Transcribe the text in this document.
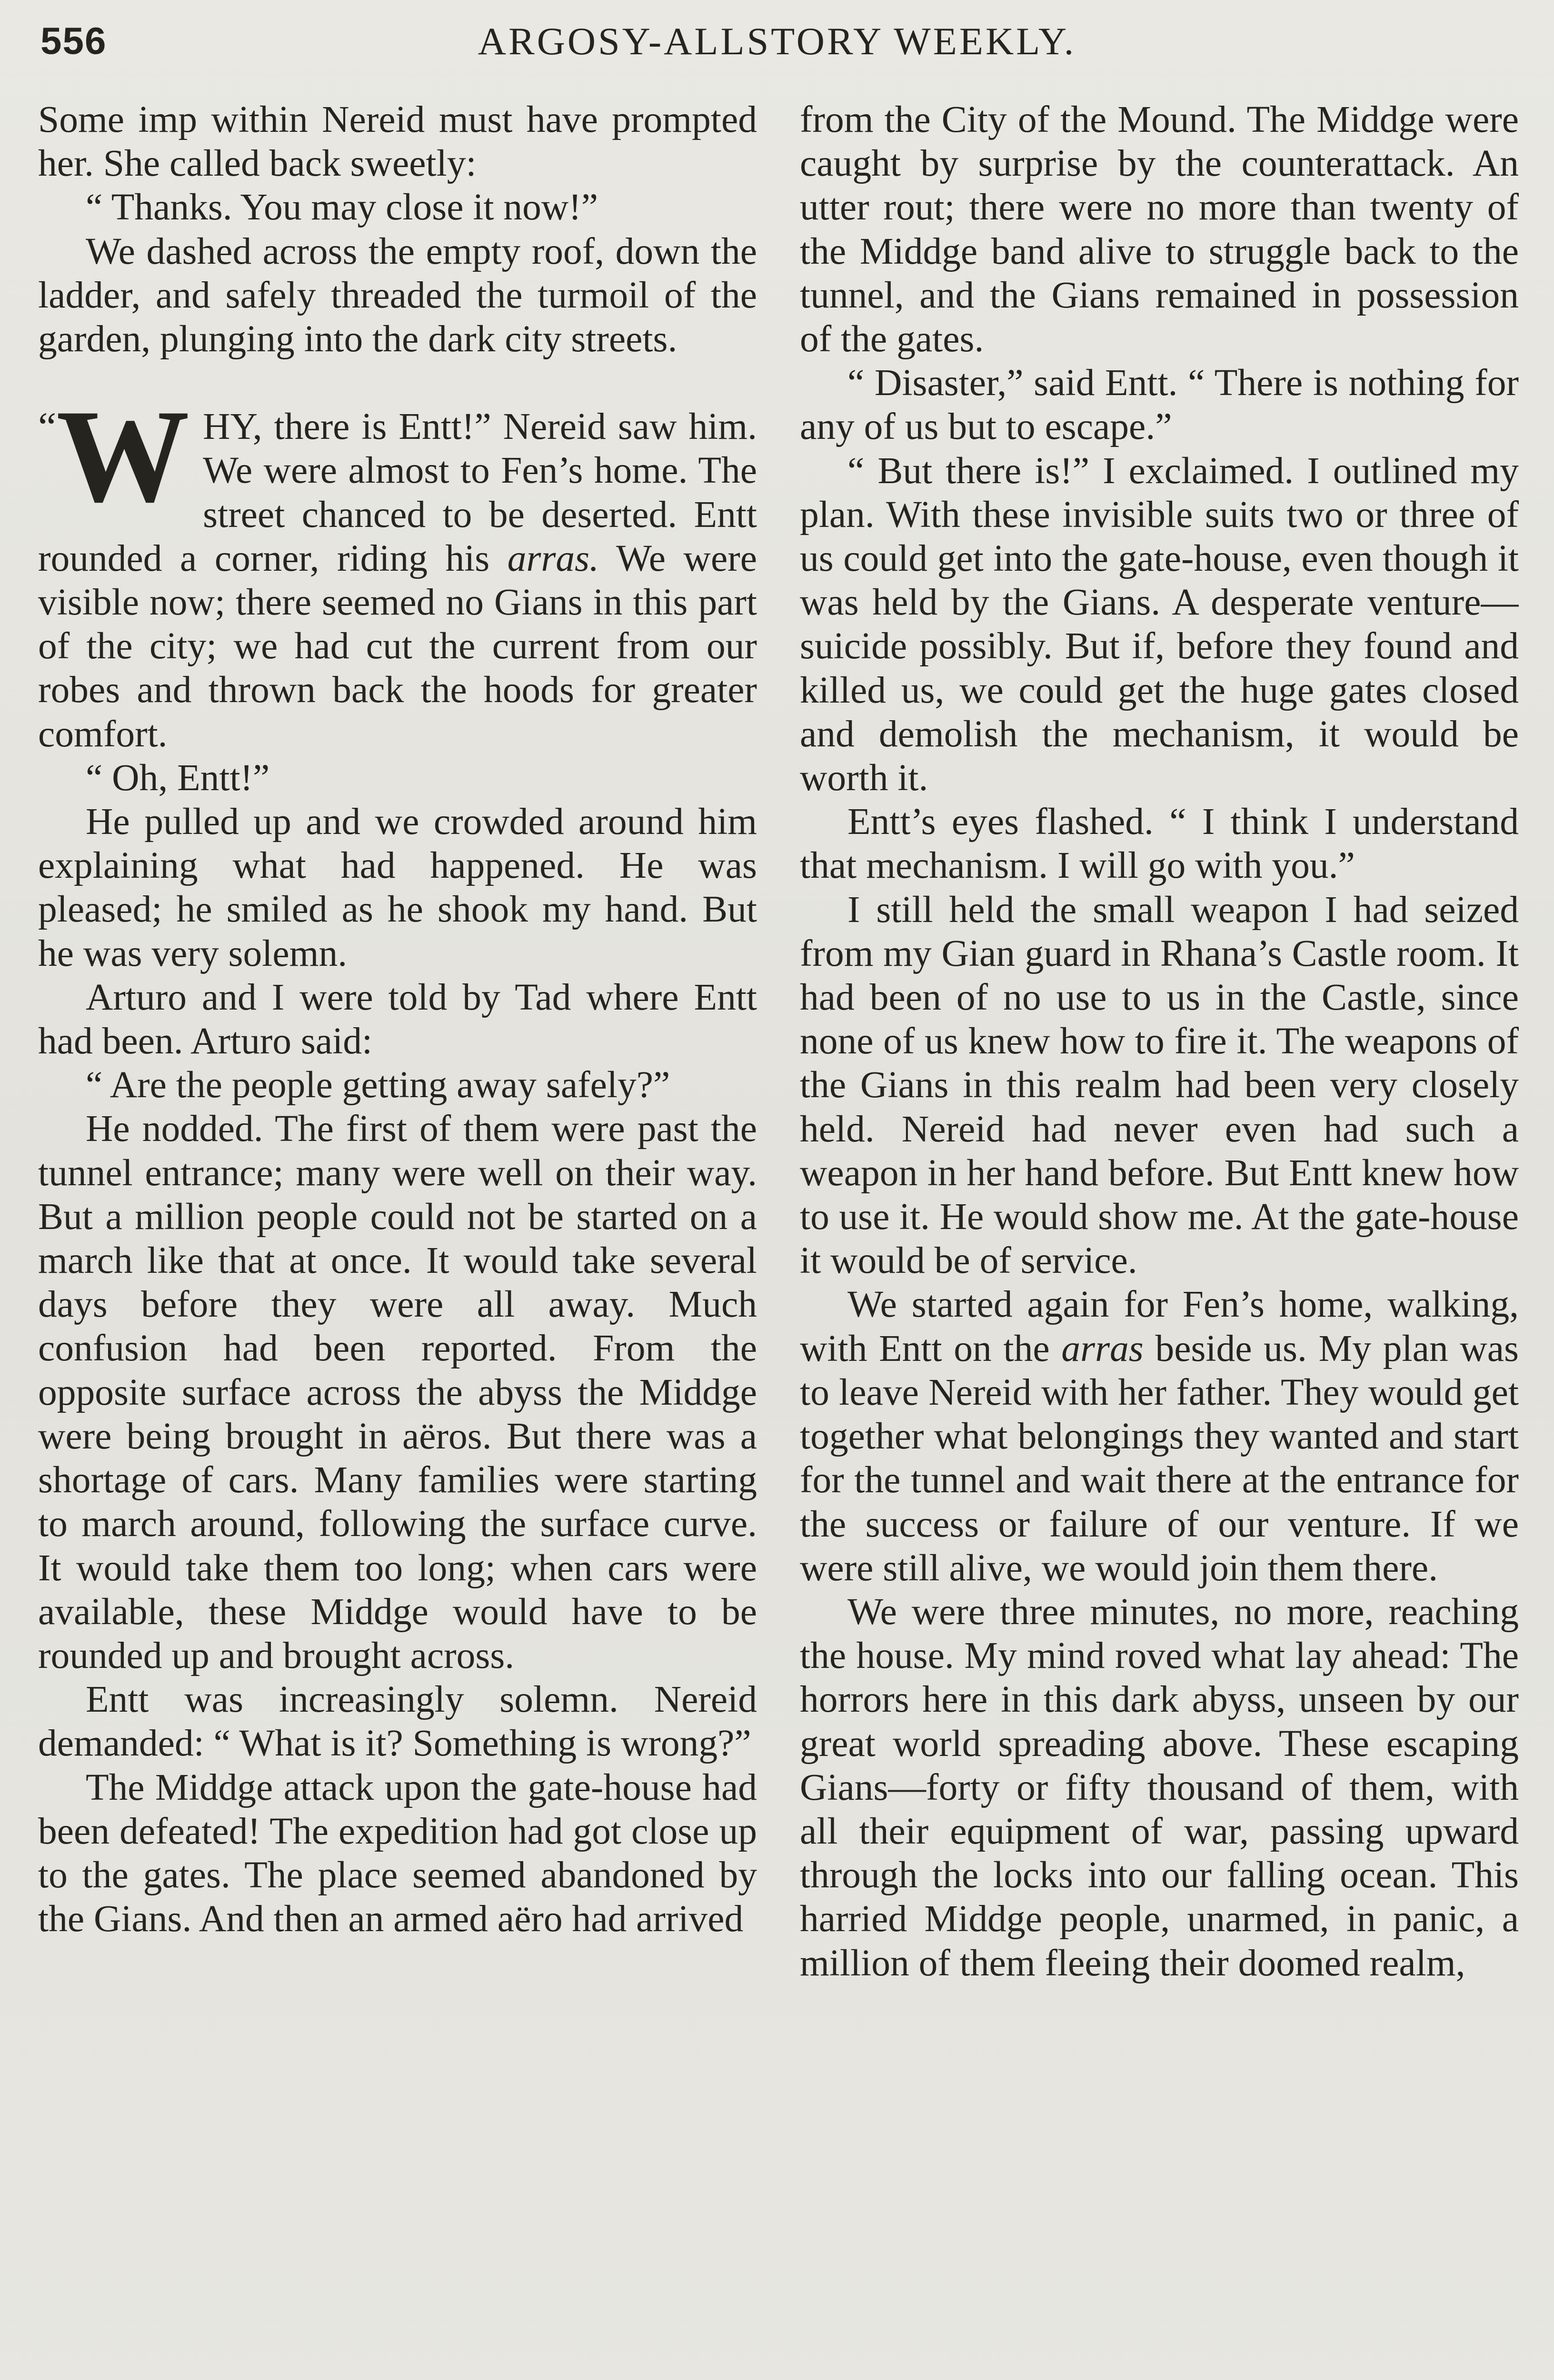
556	ARGOSY-ALLSTORY WEEKLY.

Some imp within Nereid must have prompted her. She called back sweetly:

“ Thanks. You may close it now!”

We dashed across the empty roof, down the ladder, and safely threaded the turmoil of the garden, plunging into the dark city streets.

“ W HY, there is Entt!” Nereid saw him. We were almost to Fen’s home. The street chanced to be deserted. Entt rounded a corner, riding his arras. We were visible now; there seemed no Gians in this part of the city; we had cut the current from our robes and thrown back the hoods for greater comfort.

“ Oh, Entt!”

He pulled up and we crowded around him explaining what had happened. He was pleased; he smiled as he shook my hand. But he was very solemn.

Arturo and I were told by Tad where Entt had been. Arturo said:

“ Are the people getting away safely?”

He nodded. The first of them were past the tunnel entrance; many were well on their way. But a million people could not be started on a march like that at once. It would take several days before they were all away. Much confusion had been reported. From the opposite surface across the abyss the Middge were being brought in aëros. But there was a shortage of cars. Many families were starting to march around, following the surface curve. It would take them too long; when cars were available, these Middge would have to be rounded up and brought across.

Entt was increasingly solemn. Nereid demanded: “ What is it? Something is wrong?”

The Middge attack upon the gate-house had been defeated! The expedition had got close up to the gates. The place seemed abandoned by the Gians. And then an armed aëro had arrived

from the City of the Mound. The Middge were caught by surprise by the counterattack. An utter rout; there were no more than twenty of the Middge band alive to struggle back to the tunnel, and the Gians remained in possession of the gates.

“ Disaster,” said Entt. “ There is nothing for any of us but to escape.”

“ But there is!” I exclaimed. I outlined my plan. With these invisible suits two or three of us could get into the gate-house, even though it was held by the Gians. A desperate venture—suicide possibly. But if, before they found and killed us, we could get the huge gates closed and demolish the mechanism, it would be worth it.

Entt’s eyes flashed. “ I think I understand that mechanism. I will go with you.”

I still held the small weapon I had seized from my Gian guard in Rhana’s Castle room. It had been of no use to us in the Castle, since none of us knew how to fire it. The weapons of the Gians in this realm had been very closely held. Nereid had never even had such a weapon in her hand before. But Entt knew how to use it. He would show me. At the gate-house it would be of service.

We started again for Fen’s home, walking, with Entt on the arras beside us. My plan was to leave Nereid with her father. They would get together what belongings they wanted and start for the tunnel and wait there at the entrance for the success or failure of our venture. If we were still alive, we would join them there.

We were three minutes, no more, reaching the house. My mind roved what lay ahead: The horrors here in this dark abyss, unseen by our great world spreading above. These escaping Gians—forty or fifty thousand of them, with all their equipment of war, passing upward through the locks into our falling ocean. This harried Middge people, unarmed, in panic, a million of them fleeing their doomed realm,
